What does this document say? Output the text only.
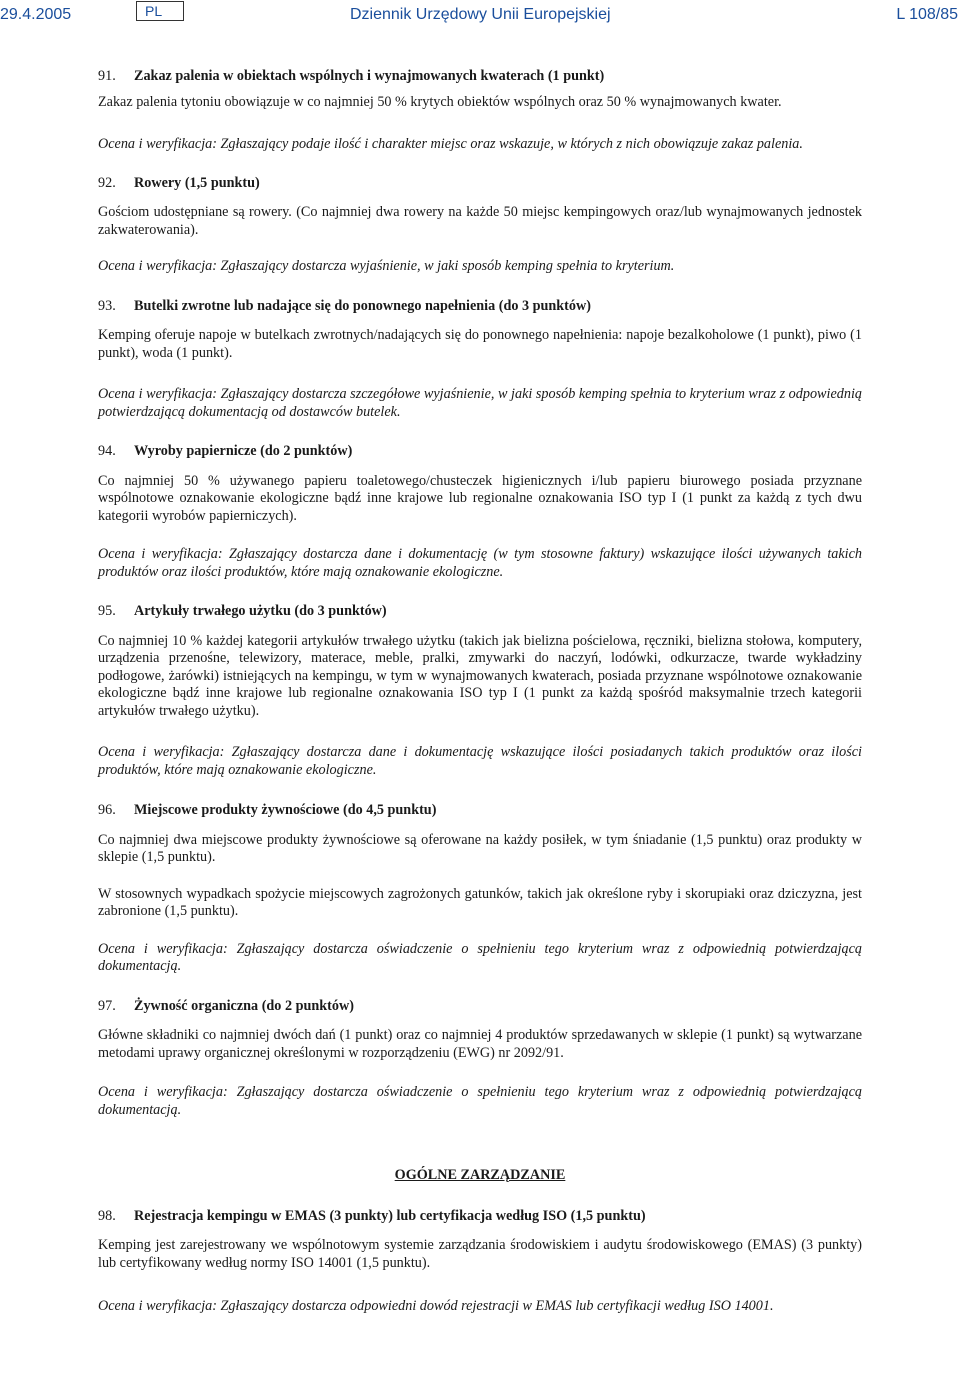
29.4.2005	PL	Dziennik Urzędowy Unii Europejskiej	L 108/85
91.	Zakaz palenia w obiektach wspólnych i wynajmowanych kwaterach (1 punkt)

Zakaz palenia tytoniu obowiązuje w co najmniej 50 % krytych obiektów wspólnych oraz 50 % wynajmowanych kwater.

Ocena i weryfikacja: Zgłaszający podaje ilość i charakter miejsc oraz wskazuje, w których z nich obowiązuje zakaz palenia.

92.	Rowery (1,5 punktu)

Gościom udostępniane są rowery. (Co najmniej dwa rowery na każde 50 miejsc kempingowych oraz/lub wynajmowanych jednostek zakwaterowania).

Ocena i weryfikacja: Zgłaszający dostarcza wyjaśnienie, w jaki sposób kemping spełnia to kryterium.

93.	Butelki zwrotne lub nadające się do ponownego napełnienia (do 3 punktów)

Kemping oferuje napoje w butelkach zwrotnych/nadających się do ponownego napełnienia: napoje bezalkoholowe (1 punkt), piwo (1 punkt), woda (1 punkt).

Ocena i weryfikacja: Zgłaszający dostarcza szczegółowe wyjaśnienie, w jaki sposób kemping spełnia to kryterium wraz z odpowiednią potwierdzającą dokumentacją od dostawców butelek.

94.	Wyroby papiernicze (do 2 punktów)

Co najmniej 50 % używanego papieru toaletowego/chusteczek higienicznych i/lub papieru biurowego posiada przyznane wspólnotowe oznakowanie ekologiczne bądź inne krajowe lub regionalne oznakowania ISO typ I (1 punkt za każdą z tych dwu kategorii wyrobów papierniczych).

Ocena i weryfikacja: Zgłaszający dostarcza dane i dokumentację (w tym stosowne faktury) wskazujące ilości używanych takich produktów oraz ilości produktów, które mają oznakowanie ekologiczne.

95.	Artykuły trwałego użytku (do 3 punktów)

Co najmniej 10 % każdej kategorii artykułów trwałego użytku (takich jak bielizna pościelowa, ręczniki, bielizna stołowa, komputery, urządzenia przenośne, telewizory, materace, meble, pralki, zmywarki do naczyń, lodówki, odkurzacze, twarde wykładziny podłogowe, żarówki) istniejących na kempingu, w tym w wynajmowanych kwaterach, posiada przyznane wspólnotowe oznakowanie ekologiczne bądź inne krajowe lub regionalne oznakowania ISO typ I (1 punkt za każdą spośród maksymalnie trzech kategorii artykułów trwałego użytku).

Ocena i weryfikacja: Zgłaszający dostarcza dane i dokumentację wskazujące ilości posiadanych takich produktów oraz ilości produktów, które mają oznakowanie ekologiczne.

96.	Miejscowe produkty żywnościowe (do 4,5 punktu)

Co najmniej dwa miejscowe produkty żywnościowe są oferowane na każdy posiłek, w tym śniadanie (1,5 punktu) oraz produkty w sklepie (1,5 punktu).

W stosownych wypadkach spożycie miejscowych zagrożonych gatunków, takich jak określone ryby i skorupiaki oraz dziczyzna, jest zabronione (1,5 punktu).

Ocena i weryfikacja: Zgłaszający dostarcza oświadczenie o spełnieniu tego kryterium wraz z odpowiednią potwierdzającą dokumentacją.

97.	Żywność organiczna (do 2 punktów)

Główne składniki co najmniej dwóch dań (1 punkt) oraz co najmniej 4 produktów sprzedawanych w sklepie (1 punkt) są wytwarzane metodami uprawy organicznej określonymi w rozporządzeniu (EWG) nr 2092/91.

Ocena i weryfikacja: Zgłaszający dostarcza oświadczenie o spełnieniu tego kryterium wraz z odpowiednią potwierdzającą dokumentacją.

OGÓLNE ZARZĄDZANIE

98.	Rejestracja kempingu w EMAS (3 punkty) lub certyfikacja według ISO (1,5 punktu)

Kemping jest zarejestrowany we wspólnotowym systemie zarządzania środowiskiem i audytu środowiskowego (EMAS) (3 punkty) lub certyfikowany według normy ISO 14001 (1,5 punktu).

Ocena i weryfikacja: Zgłaszający dostarcza odpowiedni dowód rejestracji w EMAS lub certyfikacji według ISO 14001.
